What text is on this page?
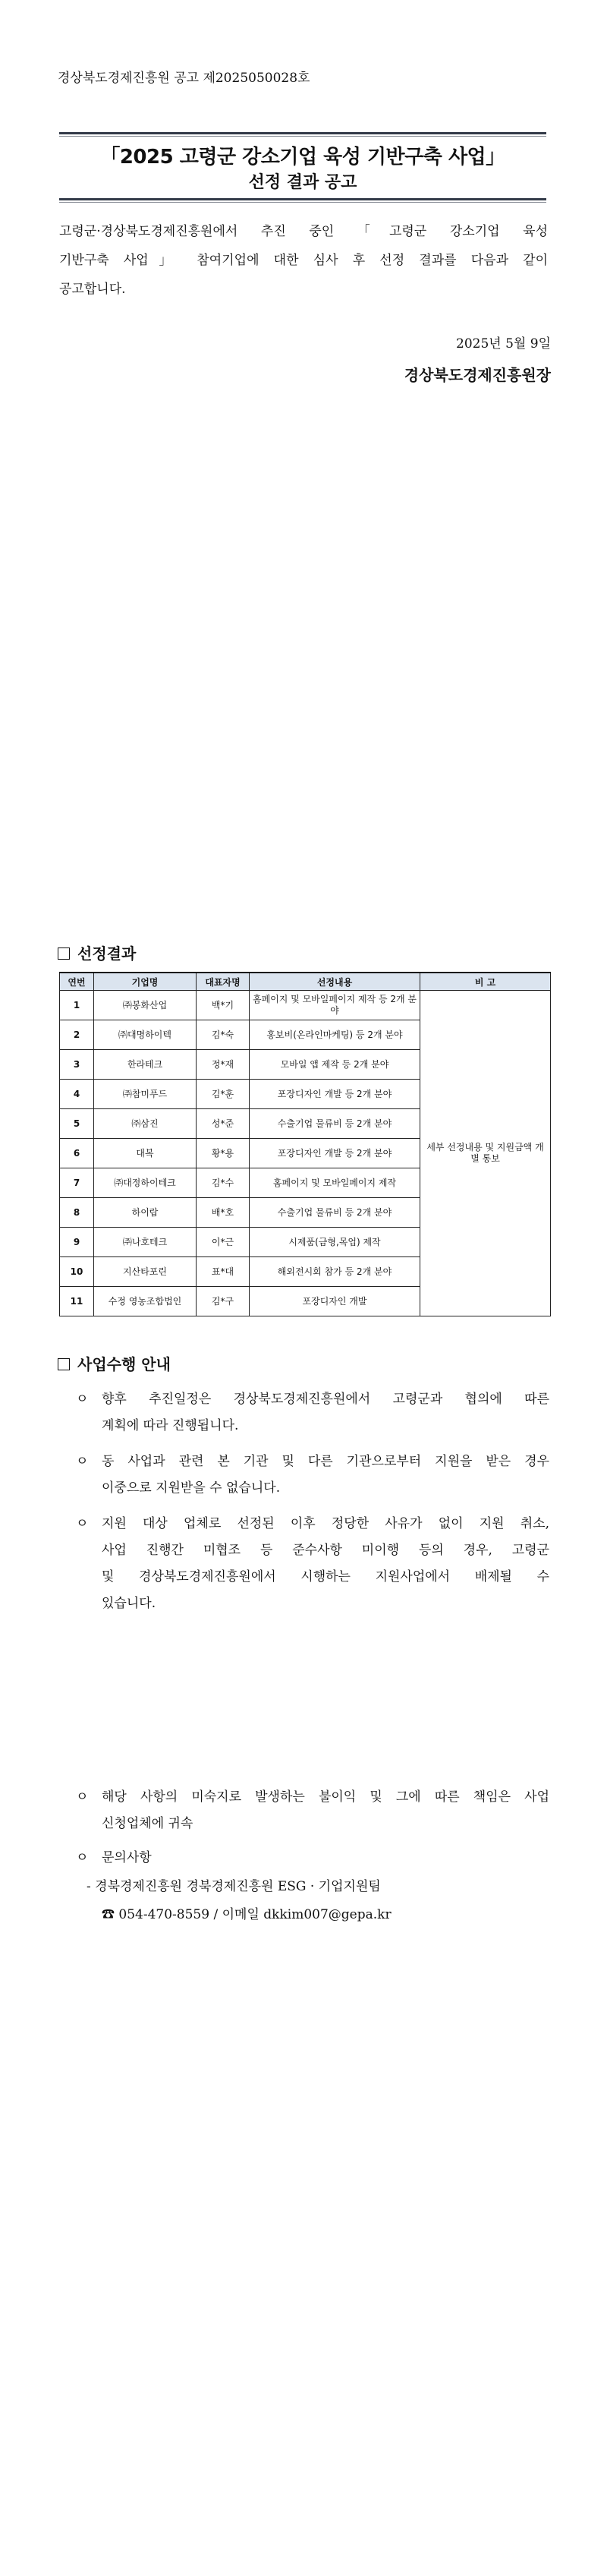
경상북도경제진흥원 공고 제2025050028호
「2025 고령군 강소기업 육성 기반구축 사업」
선정 결과 공고
고령군·경상북도경제진흥원에서 추진 중인 「고령군 강소기업 육성
기반구축 사업」 참여기업에 대한 심사 후 선정 결과를 다음과 같이
공고합니다.
2025년 5월 9일
경상북도경제진흥원장
선정결과
연번	기업명	대표자명	선정내용	비 고
1	㈜봉화산업	백*기	홈페이지 및 모바일페이지 제작 등 2개 분야	세부 선정내용 및 지원금액 개별 통보
2	㈜대명하이텍	김*숙	홍보비(온라인마케팅) 등 2개 분야	
3	한라테크	정*재	모바일 앱 제작 등 2개 분야	
4	㈜참미푸드	김*훈	포장디자인 개발 등 2개 분야	
5	㈜삼진	성*준	수출기업 물류비 등 2개 분야	
6	대복	황*용	포장디자인 개발 등 2개 분야	
7	㈜대정하이테크	김*수	홈페이지 및 모바일페이지 제작	
8	하이랍	배*호	수출기업 물류비 등 2개 분야	
9	㈜나호테크	이*근	시제품(금형,목업) 제작	
10	지산타포린	표*대	해외전시회 참가 등 2개 분야	
11	수정 영농조합법인	김*구	포장디자인 개발	
사업수행 안내
ㅇ 향후 추진일정은 경상북도경제진흥원에서 고령군과 협의에 따른
계획에 따라 진행됩니다.
ㅇ 동 사업과 관련 본 기관 및 다른 기관으로부터 지원을 받은 경우
이중으로 지원받을 수 없습니다.
ㅇ 지원 대상 업체로 선정된 이후 정당한 사유가 없이 지원 취소,
사업 진행간 미협조 등 준수사항 미이행 등의 경우, 고령군
및 경상북도경제진흥원에서 시행하는 지원사업에서 배제될 수
있습니다.
ㅇ 해당 사항의 미숙지로 발생하는 불이익 및 그에 따른 책임은 사업
신청업체에 귀속
ㅇ 문의사항
- 경북경제진흥원 경북경제진흥원 ESG · 기업지원팀
☎ 054-470-8559 / 이메일 dkkim007@gepa.kr
